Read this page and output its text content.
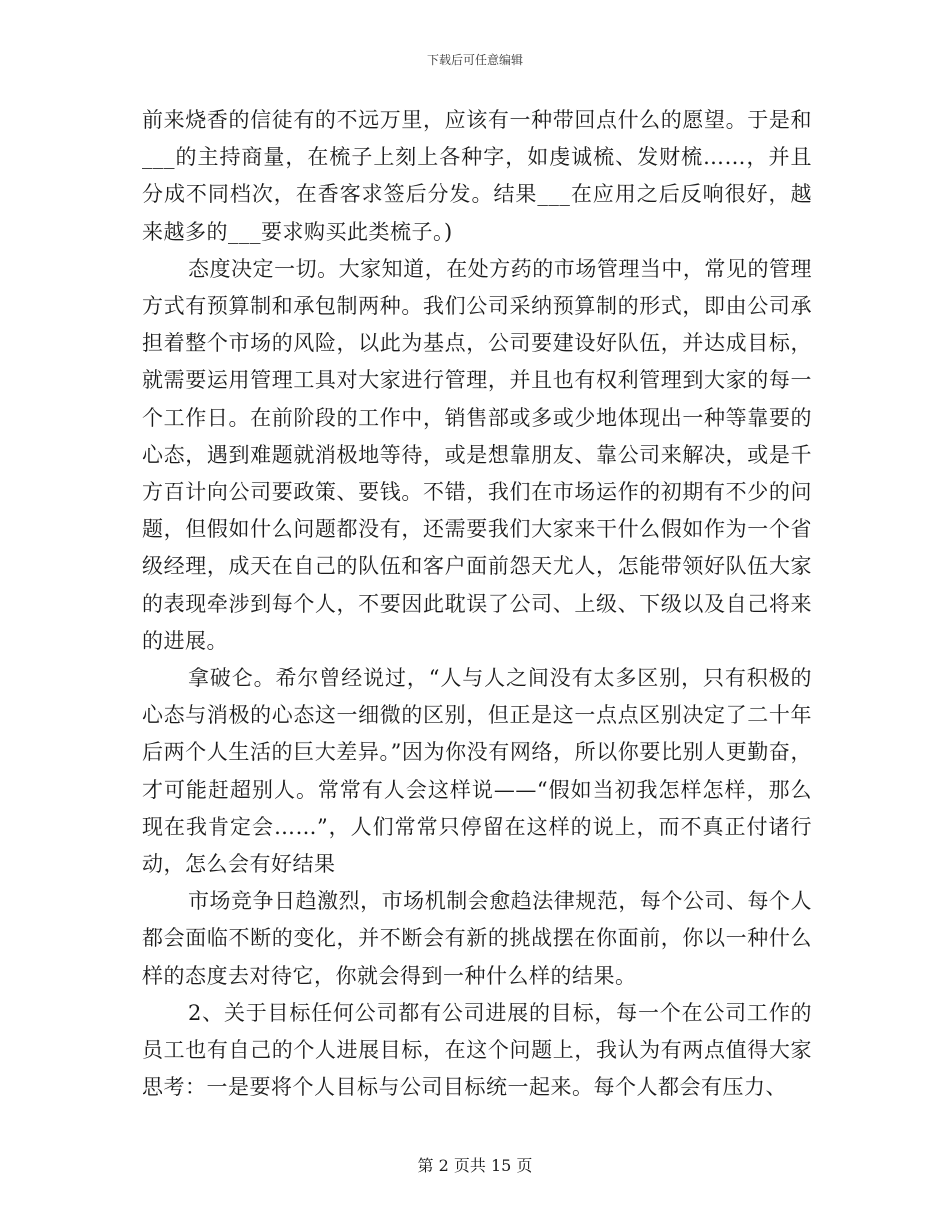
下载后可任意编辑

前来烧香的信徒有的不远万里，应该有一种带回点什么的愿望。于是和___的主持商量，在梳子上刻上各种字，如虔诚梳、发财梳……，并且分成不同档次，在香客求签后分发。结果___在应用之后反响很好，越来越多的___要求购买此类梳子。)

态度决定一切。大家知道，在处方药的市场管理当中，常见的管理方式有预算制和承包制两种。我们公司采纳预算制的形式，即由公司承担着整个市场的风险，以此为基点，公司要建设好队伍，并达成目标，就需要运用管理工具对大家进行管理，并且也有权利管理到大家的每一个工作日。在前阶段的工作中，销售部或多或少地体现出一种等靠要的心态，遇到难题就消极地等待，或是想靠朋友、靠公司来解决，或是千方百计向公司要政策、要钱。不错，我们在市场运作的初期有不少的问题，但假如什么问题都没有，还需要我们大家来干什么假如作为一个省级经理，成天在自己的队伍和客户面前怨天尤人，怎能带领好队伍大家的表现牵涉到每个人，不要因此耽误了公司、上级、下级以及自己将来的进展。

拿破仑。希尔曾经说过，“人与人之间没有太多区别，只有积极的心态与消极的心态这一细微的区别，但正是这一点点区别决定了二十年后两个人生活的巨大差异。”因为你没有网络，所以你要比别人更勤奋，才可能赶超别人。常常有人会这样说——“假如当初我怎样怎样，那么现在我肯定会……”，人们常常只停留在这样的说上，而不真正付诸行动，怎么会有好结果

市场竞争日趋激烈，市场机制会愈趋法律规范，每个公司、每个人都会面临不断的变化，并不断会有新的挑战摆在你面前，你以一种什么样的态度去对待它，你就会得到一种什么样的结果。

2、关于目标任何公司都有公司进展的目标，每一个在公司工作的员工也有自己的个人进展目标，在这个问题上，我认为有两点值得大家思考：一是要将个人目标与公司目标统一起来。每个人都会有压力、

第 2 页共 15 页
